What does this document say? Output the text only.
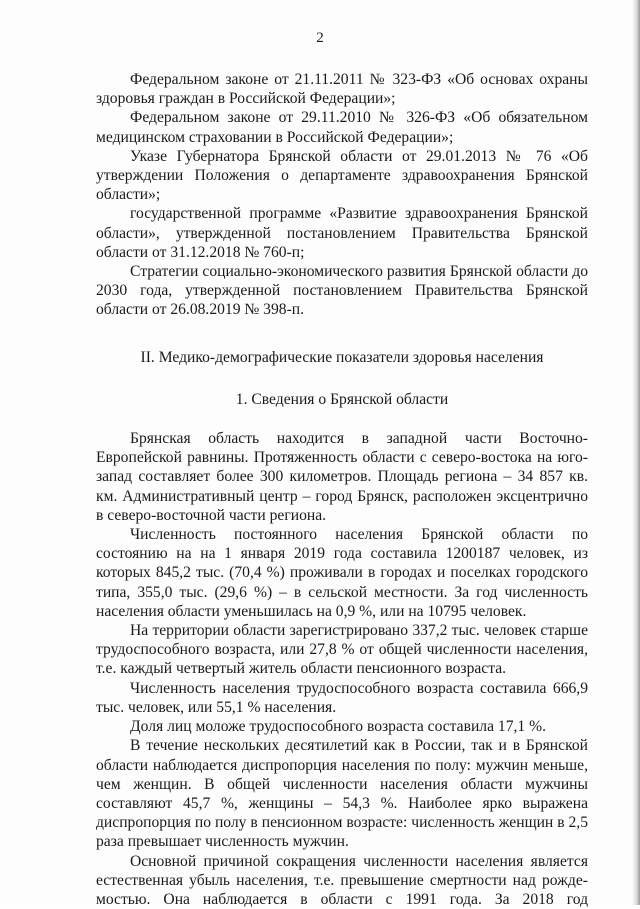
2

Федеральном законе от 21.11.2011 № 323-ФЗ «Об основах охраны здоровья граждан в Российской Федерации»;

Федеральном законе от 29.11.2010 № 326-ФЗ «Об обязательном медицинском страховании в Российской Федерации»;

Указе Губернатора Брянской области от 29.01.2013 № 76 «Об утверждении Положения о департаменте здравоохранения Брянской области»;

государственной программе «Развитие здравоохранения Брянской области», утвержденной постановлением Правительства Брянской области от 31.12.2018 № 760-п;

Стратегии социально-экономического развития Брянской области до 2030 года, утвержденной постановлением Правительства Брянской области от 26.08.2019 № 398-п.

II. Медико-демографические показатели здоровья населения

1. Сведения о Брянской области

Брянская область находится в западной части Восточно-Европейской равнины. Протяженность области с северо-востока на юго-запад составляет более 300 километров. Площадь региона – 34 857 кв. км. Административный центр – город Брянск, расположен эксцентрично в северо-восточной части региона.

Численность постоянного населения Брянской области по состоянию на на 1 января 2019 года составила 1200187 человек, из которых 845,2 тыс. (70,4 %) проживали в городах и поселках городского типа, 355,0 тыс. (29,6 %) – в сельской местности. За год численность населения области уменьшилась на 0,9 %, или на 10795 человек.

На территории области зарегистрировано 337,2 тыс. человек старше трудоспособного возраста, или 27,8 % от общей численности населения, т.е. каждый четвертый житель области пенсионного возраста.

Численность населения трудоспособного возраста составила 666,9 тыс. человек, или 55,1 % населения.

Доля лиц моложе трудоспособного возраста составила 17,1 %.

В течение нескольких десятилетий как в России, так и в Брянской области наблюдается диспропорция населения по полу: мужчин меньше, чем женщин. В общей численности населения области мужчины составляют 45,7 %, женщины – 54,3 %. Наиболее ярко выражена диспропорция по полу в пенсионном возрасте: численность женщин в 2,5 раза превышает численность мужчин.

Основной причиной сокращения численности населения является естественная убыль населения, т.е. превышение смертности над рождемостью. Она наблюдается в области с 1991 года. За 2018 год
